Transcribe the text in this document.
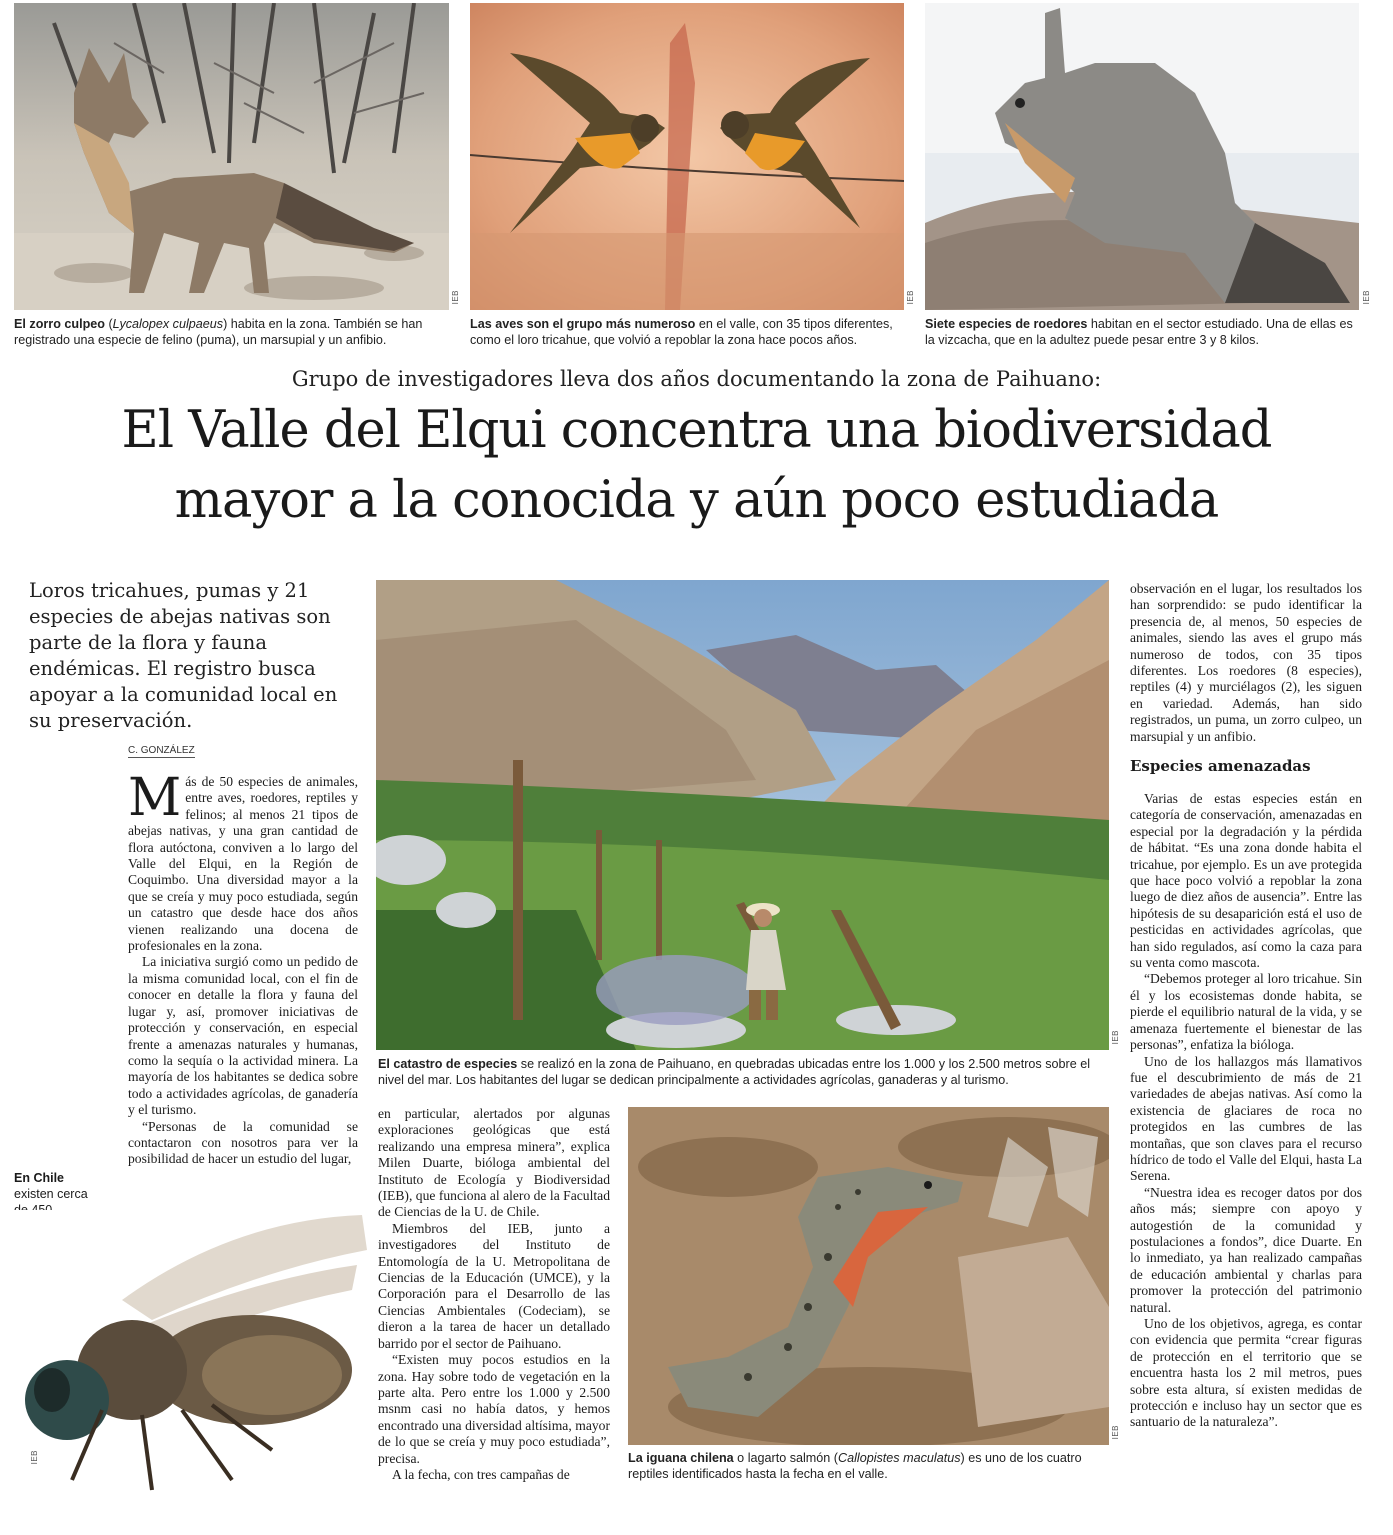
IEB	IEB	IEB
El zorro culpeo (Lycalopex culpaeus) habita en la zona. También se han registrado una especie de felino (puma), un marsupial y un anfibio.
Las aves son el grupo más numeroso en el valle, con 35 tipos diferentes, como el loro tricahue, que volvió a repoblar la zona hace pocos años.
Siete especies de roedores habitan en el sector estudiado. Una de ellas es la vizcacha, que en la adultez puede pesar entre 3 y 8 kilos.
Grupo de investigadores lleva dos años documentando la zona de Paihuano:
El Valle del Elqui concentra una biodiversidad
mayor a la conocida y aún poco estudiada
Loros tricahues, pumas y 21 especies de abejas nativas son parte de la flora y fauna endémicas. El registro busca apoyar a la comunidad local en su preservación.
C. GONZÁLEZ

Más de 50 especies de animales, entre aves, roedores, reptiles y felinos; al menos 21 tipos de abejas nativas, y una gran cantidad de flora autóctona, conviven a lo largo del Valle del Elqui, en la Región de Coquimbo. Una diversidad mayor a la que se creía y muy poco estudiada, según un catastro que desde hace dos años vienen realizando una docena de profesionales en la zona.

La iniciativa surgió como un pedido de la misma comunidad local, con el fin de conocer en detalle la flora y fauna del lugar y, así, promover iniciativas de protección y conservación, en especial frente a amenazas naturales y humanas, como la sequía o la actividad minera. La mayoría de los habitantes se dedica sobre todo a actividades agrícolas, de ganadería y el turismo.

“Personas de la comunidad se contactaron con nosotros para ver la posibilidad de hacer un estudio del lugar,

En Chile existen cerca
IEB
IEB
El catastro de especies se realizó en la zona de Paihuano, en quebradas ubicadas entre los 1.000 y los 2.500 metros sobre el nivel del mar. Los habitantes del lugar se dedican principalmente a actividades agrícolas, ganaderas y al turismo.

en particular, alertados por algunas exploraciones geológicas que está realizando una empresa minera”, explica Milen Duarte, bióloga ambiental del Instituto de Ecología y Biodiversidad (IEB), que funciona al alero de la Facultad de Ciencias de la U. de Chile.

Miembros del IEB, junto a investigadores del Instituto de Entomología de la U. Metropolitana de Ciencias de la Educación (UMCE), y la Corporación para el Desarrollo de las Ciencias Ambientales (Codeciam), se dieron a la tarea de hacer un detallado barrido por el sector de Paihuano.

“Existen muy pocos estudios en la zona. Hay sobre todo de vegetación en la parte alta. Pero entre los 1.000 y 2.500 msnm casi no había datos, y hemos encontrado una diversidad altísima, mayor de lo que se creía y muy poco estudiada”, precisa.

A la fecha, con tres campañas de

IEB
La iguana chilena o lagarto salmón (Callopistes maculatus) es uno de los cuatro reptiles identificados hasta la fecha en el valle.

observación en el lugar, los resultados los han sorprendido: se pudo identificar la presencia de, al menos, 50 especies de animales, siendo las aves el grupo más numeroso de todos, con 35 tipos diferentes. Los roedores (8 especies), reptiles (4) y murciélagos (2), les siguen en variedad. Además, han sido registrados, un puma, un zorro culpeo, un marsupial y un anfibio.

Especies amenazadas

Varias de estas especies están en categoría de conservación, amenazadas en especial por la degradación y la pérdida de hábitat. “Es una zona donde habita el tricahue, por ejemplo. Es un ave protegida que hace poco volvió a repoblar la zona luego de diez años de ausencia”. Entre las hipótesis de su desaparición está el uso de pesticidas en actividades agrícolas, que han sido regulados, así como la caza para su venta como mascota.

“Debemos proteger al loro tricahue. Sin él y los ecosistemas donde habita, se pierde el equilibrio natural de la vida, y se amenaza fuertemente el bienestar de las personas”, enfatiza la bióloga.

Uno de los hallazgos más llamativos fue el descubrimiento de más de 21 variedades de abejas nativas. Así como la existencia de glaciares de roca no protegidos en las cumbres de las montañas, que son claves para el recurso hídrico de todo el Valle del Elqui, hasta La Serena.

“Nuestra idea es recoger datos por dos años más; siempre con apoyo y autogestión de la comunidad y postulaciones a fondos”, dice Duarte. En lo inmediato, ya han realizado campañas de educación ambiental y charlas para promover la protección del patrimonio natural.

Uno de los objetivos, agrega, es contar con evidencia que permita “crear figuras de protección en el territorio que se encuentra hasta los 2 mil metros, pues sobre esta altura, sí existen medidas de protección e incluso hay un sector que es santuario de la naturaleza”.
